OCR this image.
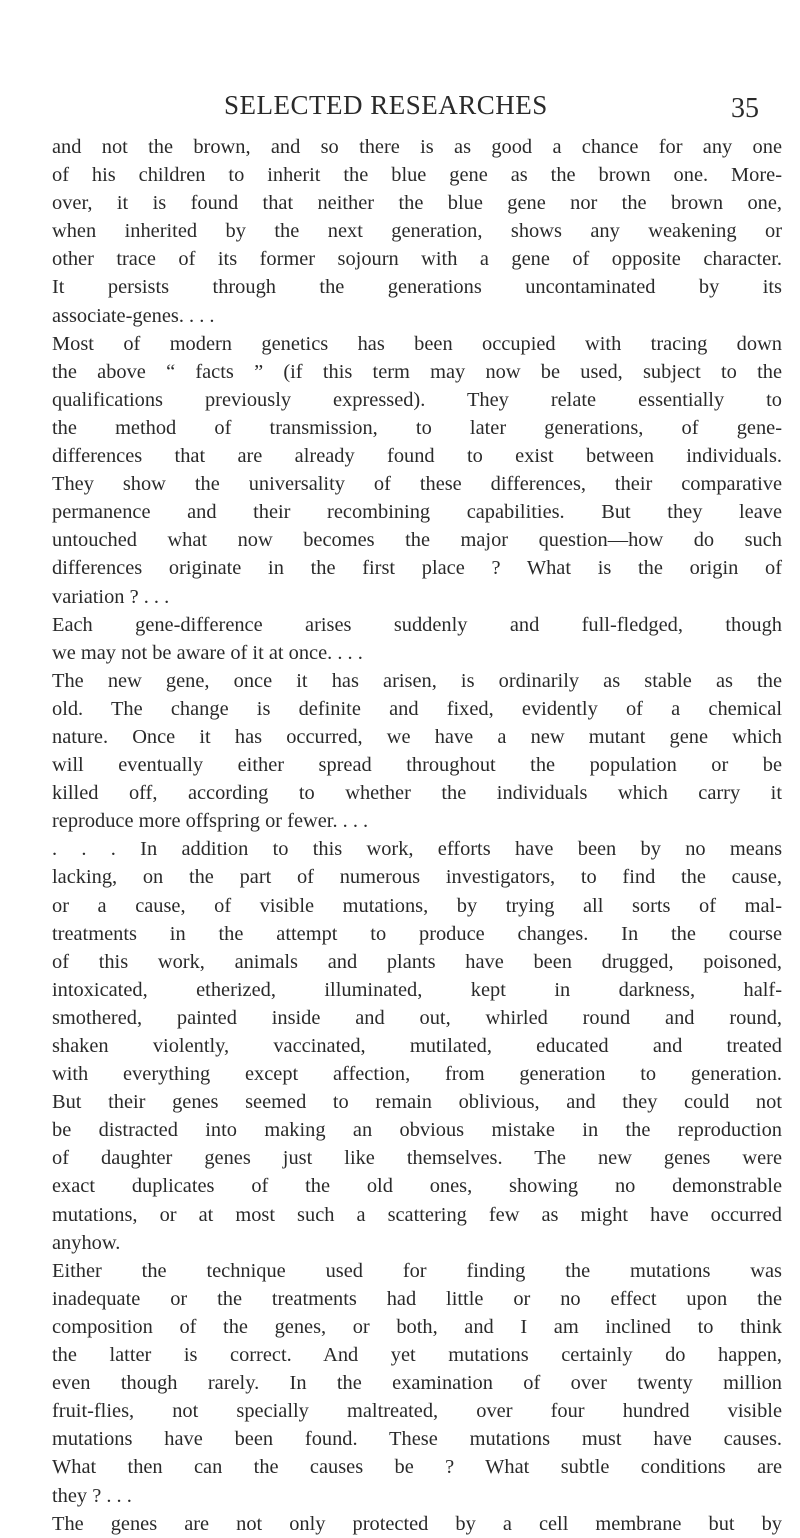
SELECTED RESEARCHES	35
and not the brown, and so there is as good a chance for any one
of his children to inherit the blue gene as the brown one. More-
over, it is found that neither the blue gene nor the brown one,
when inherited by the next generation, shows any weakening or
other trace of its former sojourn with a gene of opposite character.
It persists through the generations uncontaminated by its
associate-genes. . . .
Most of modern genetics has been occupied with tracing down
the above “ facts ” (if this term may now be used, subject to the
qualifications previously expressed). They relate essentially to
the method of transmission, to later generations, of gene-
differences that are already found to exist between individuals.
They show the universality of these differences, their comparative
permanence and their recombining capabilities. But they leave
untouched what now becomes the major question—how do such
differences originate in the first place ? What is the origin of
variation ? . . .
Each gene-difference arises suddenly and full-fledged, though
we may not be aware of it at once. . . .
The new gene, once it has arisen, is ordinarily as stable as the
old. The change is definite and fixed, evidently of a chemical
nature. Once it has occurred, we have a new mutant gene which
will eventually either spread throughout the population or be
killed off, according to whether the individuals which carry it
reproduce more offspring or fewer. . . .
. . . In addition to this work, efforts have been by no means
lacking, on the part of numerous investigators, to find the cause,
or a cause, of visible mutations, by trying all sorts of mal-
treatments in the attempt to produce changes. In the course
of this work, animals and plants have been drugged, poisoned,
intoxicated, etherized, illuminated, kept in darkness, half-
smothered, painted inside and out, whirled round and round,
shaken violently, vaccinated, mutilated, educated and treated
with everything except affection, from generation to generation.
But their genes seemed to remain oblivious, and they could not
be distracted into making an obvious mistake in the reproduction
of daughter genes just like themselves. The new genes were
exact duplicates of the old ones, showing no demonstrable
mutations, or at most such a scattering few as might have occurred
anyhow.
Either the technique used for finding the mutations was
inadequate or the treatments had little or no effect upon the
composition of the genes, or both, and I am inclined to think
the latter is correct. And yet mutations certainly do happen,
even though rarely. In the examination of over twenty million
fruit-flies, not specially maltreated, over four hundred visible
mutations have been found. These mutations must have causes.
What then can the causes be ? What subtle conditions are
they ? . . .
The genes are not only protected by a cell membrane but by
